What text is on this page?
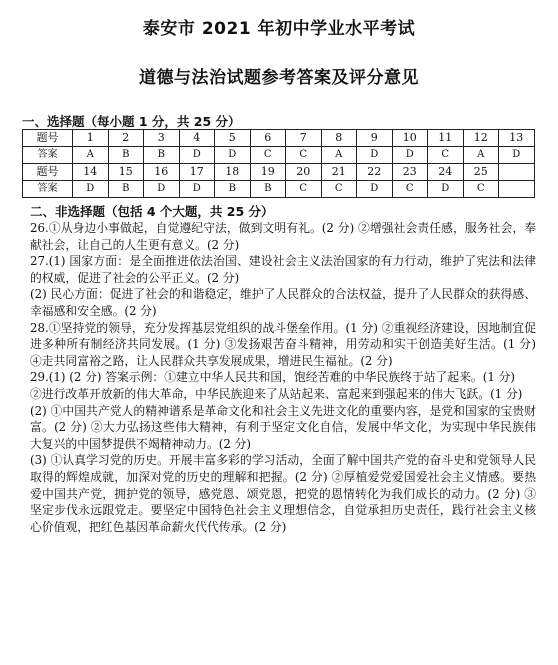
泰安市 2021 年初中学业水平考试
道德与法治试题参考答案及评分意见
一、选择题（每小题 1 分，共 25 分）
题号	1	2	3	4	5	6	7	8	9	10	11	12	13
答案	A	B	B	D	D	C	C	A	D	D	C	A	D
题号	14	15	16	17	18	19	20	21	22	23	24	25	
答案	D	B	D	D	B	B	C	C	D	C	D	C	
二、非选择题（包括 4 个大题，共 25 分）

26.①从身边小事做起，自觉遵纪守法，做到文明有礼。(2 分) ②增强社会责任感，服务社会，奉献社会，让自己的人生更有意义。(2 分)

27.(1) 国家方面：是全面推进依法治国、建设社会主义法治国家的有力行动，维护了宪法和法律的权威，促进了社会的公平正义。(2 分)

(2) 民心方面：促进了社会的和谐稳定，维护了人民群众的合法权益，提升了人民群众的获得感、幸福感和安全感。(2 分)

28.①坚持党的领导，充分发挥基层党组织的战斗堡垒作用。(1 分) ②重视经济建设，因地制宜促进多种所有制经济共同发展。(1 分) ③发扬艰苦奋斗精神，用劳动和实干创造美好生活。(1 分) ④走共同富裕之路，让人民群众共享发展成果，增进民生福祉。(2 分)

29.(1) (2 分) 答案示例：①建立中华人民共和国，饱经苦难的中华民族终于站了起来。(1 分)

②进行改革开放新的伟大革命，中华民族迎来了从站起来、富起来到强起来的伟大飞跃。(1 分)

(2) ①中国共产党人的精神谱系是革命文化和社会主义先进文化的重要内容，是党和国家的宝贵财富。(2 分) ②大力弘扬这些伟大精神，有利于坚定文化自信，发展中华文化，为实现中华民族伟大复兴的中国梦提供不竭精神动力。(2 分)

(3) ①认真学习党的历史。开展丰富多彩的学习活动，全面了解中国共产党的奋斗史和党领导人民取得的辉煌成就，加深对党的历史的理解和把握。(2 分) ②厚植爱党爱国爱社会主义情感。要热爱中国共产党，拥护党的领导，感党恩、颂党恩，把党的恩情转化为我们成长的动力。(2 分) ③坚定步伐永远跟党走。要坚定中国特色社会主义理想信念，自觉承担历史责任，践行社会主义核心价值观，把红色基因革命薪火代代传承。(2 分)
